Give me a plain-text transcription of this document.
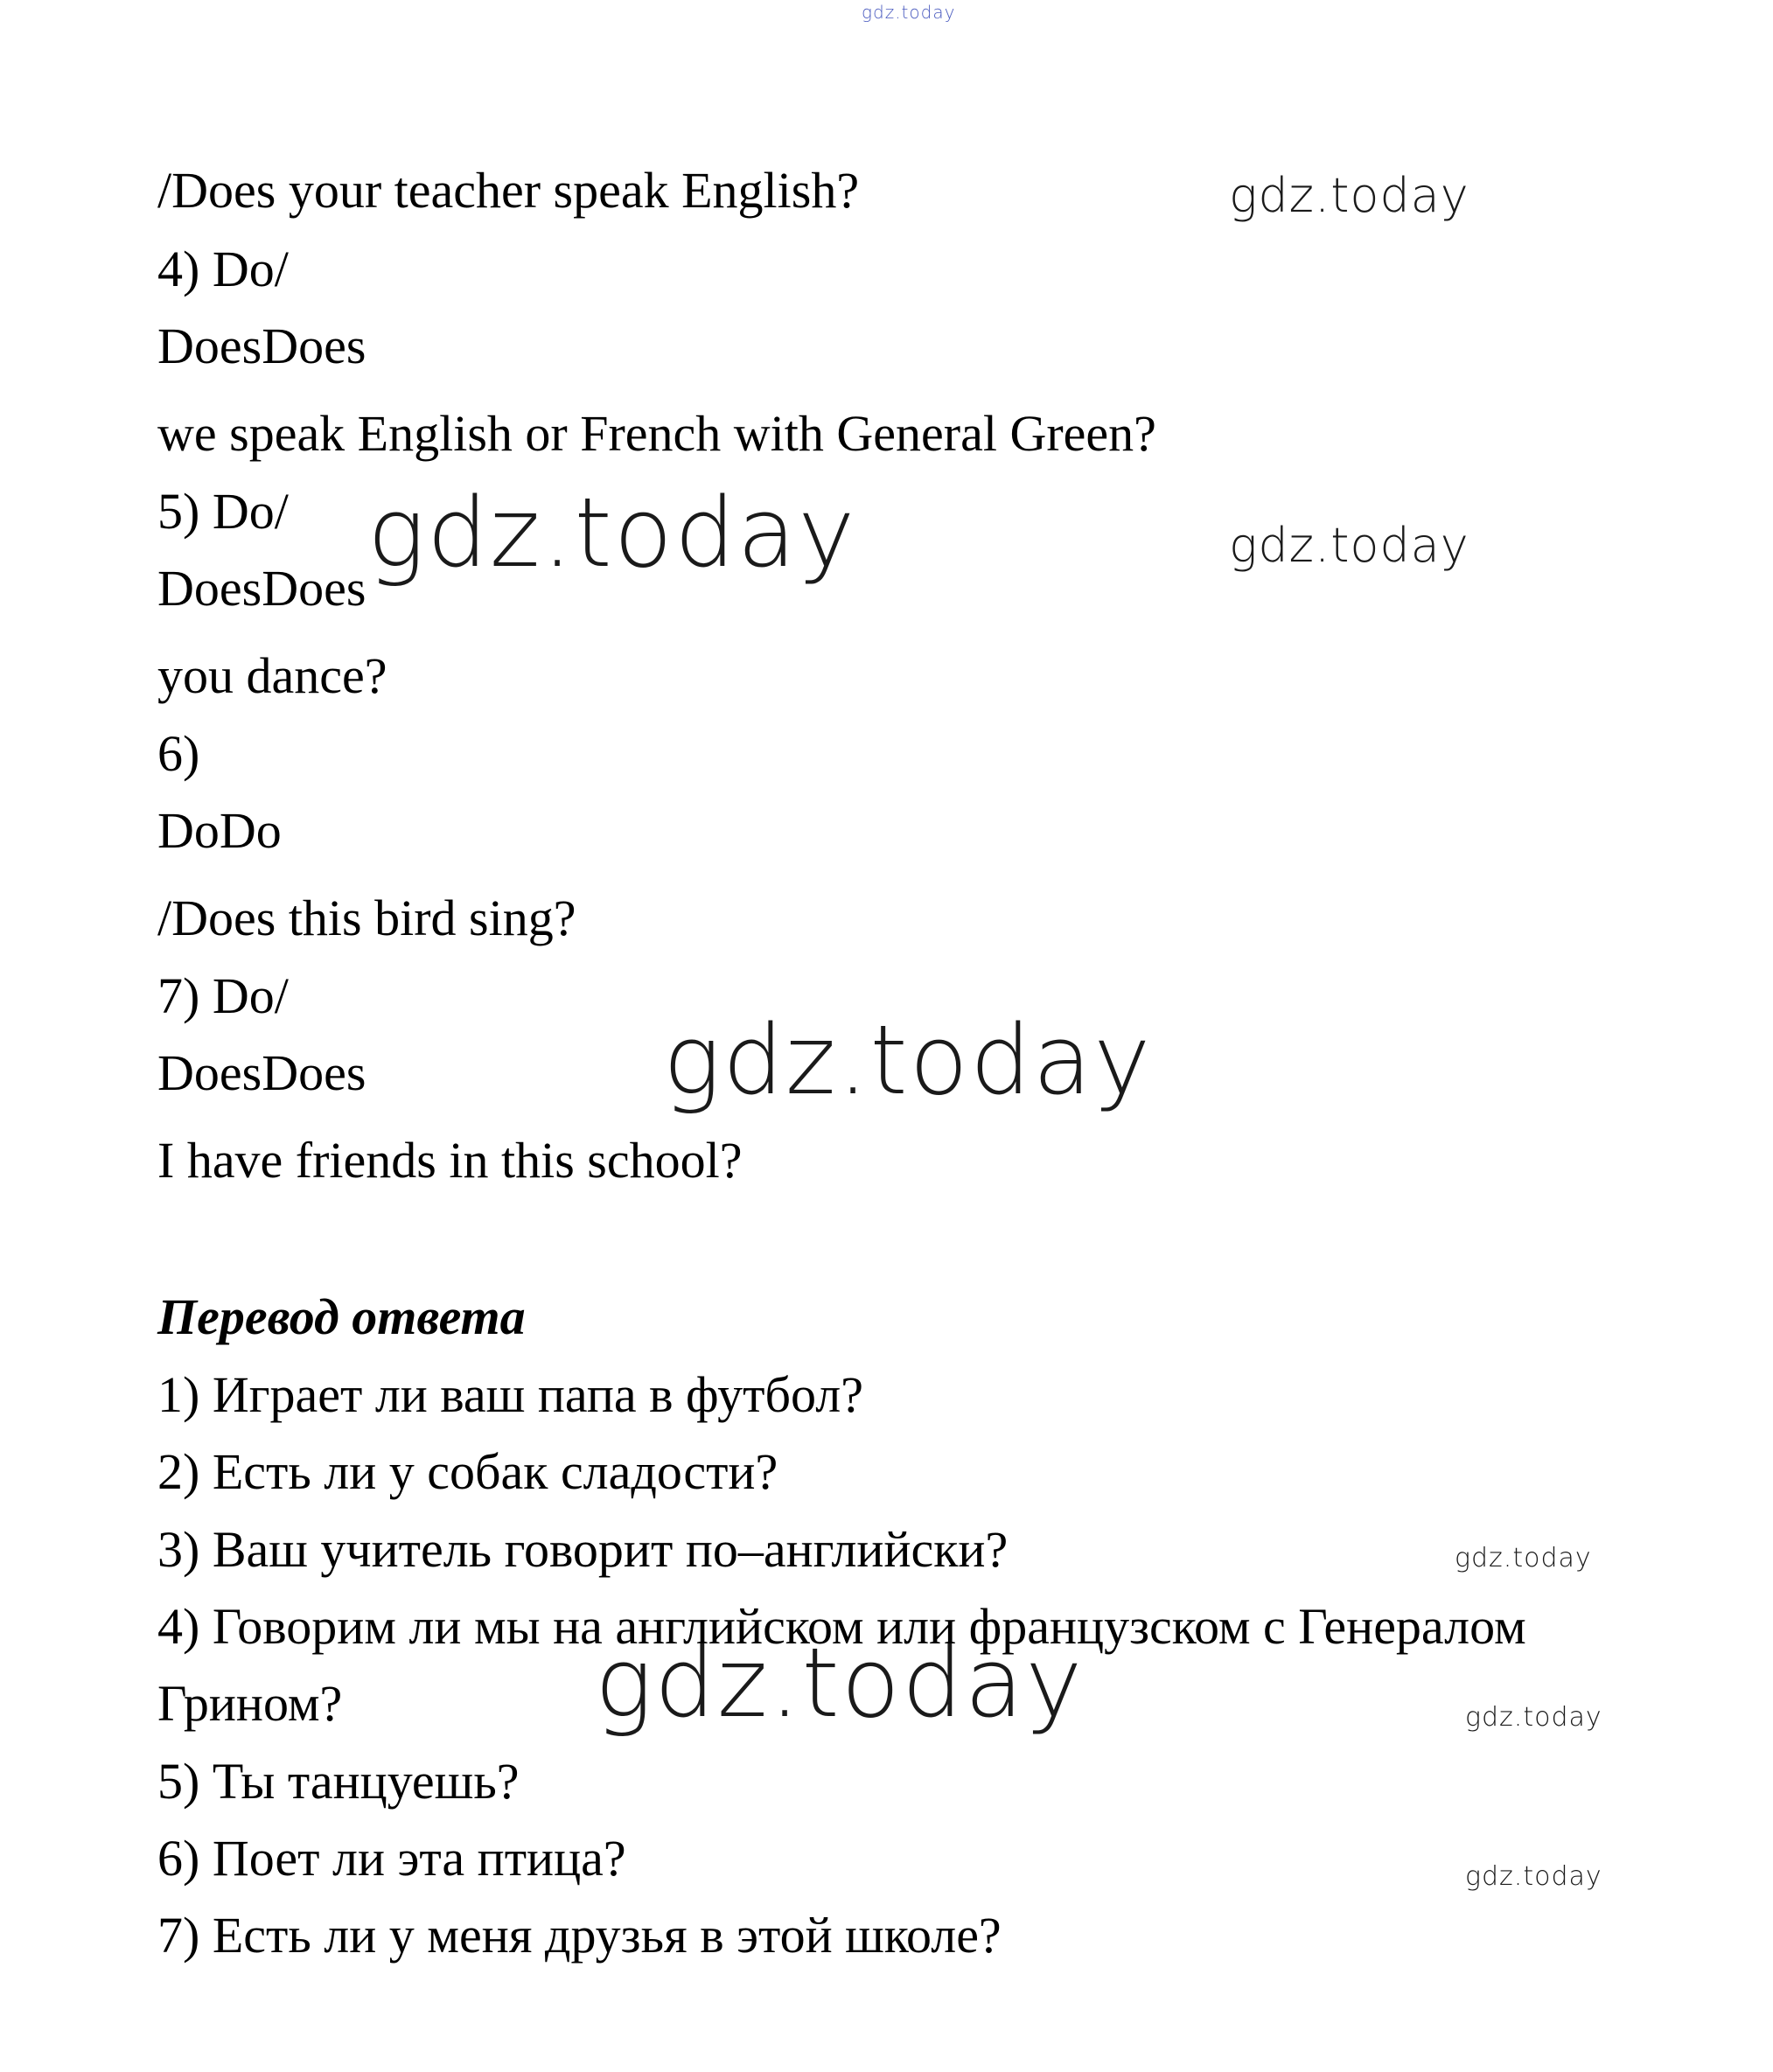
gdz.today
gdz.today
gdz.today	gdz.today
gdz.today
gdz.today
gdz.today	gdz.today
gdz.today
/Does your teacher speak English?
4) Do/
DoesDoes
we speak English or French with General Green?
5) Do/
DoesDoes
you dance?
6)
DoDo
/Does this bird sing?
7) Do/
DoesDoes
I have friends in this school?
Перевод ответа
1) Играет ли ваш папа в футбол?
2) Есть ли у собак сладости?
3) Ваш учитель говорит по–английски?
4) Говорим ли мы на английском или французском с Генералом
Грином?
5) Ты танцуешь?
6) Поет ли эта птица?
7) Есть ли у меня друзья в этой школе?
